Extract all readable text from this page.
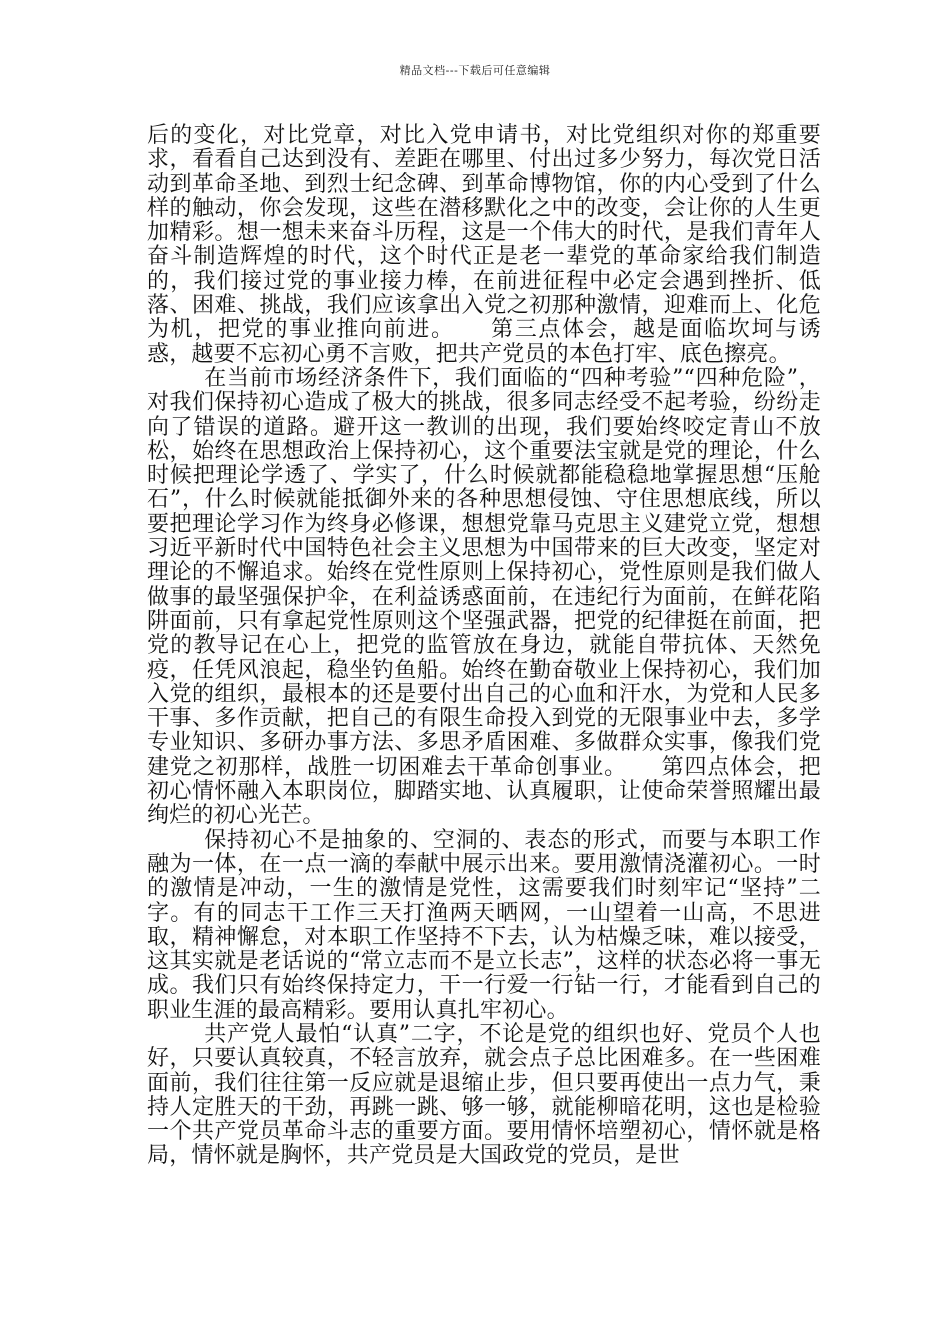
精品文档---下载后可任意编辑

后的变化，对比党章，对比入党申请书，对比党组织对你的郑重要求，看看自己达到没有、差距在哪里、付出过多少努力，每次党日活动到革命圣地、到烈士纪念碑、到革命博物馆，你的内心受到了什么样的触动，你会发现，这些在潜移默化之中的改变，会让你的人生更加精彩。想一想未来奋斗历程，这是一个伟大的时代，是我们青年人奋斗制造辉煌的时代，这个时代正是老一辈党的革命家给我们制造的，我们接过党的事业接力棒，在前进征程中必定会遇到挫折、低落、困难、挑战，我们应该拿出入党之初那种激情，迎难而上、化危为机，把党的事业推向前进。　　第三点体会，越是面临坎坷与诱惑，越要不忘初心勇不言败，把共产党员的本色打牢、底色擦亮。

在当前市场经济条件下，我们面临的“四种考验”“四种危险”，对我们保持初心造成了极大的挑战，很多同志经受不起考验，纷纷走向了错误的道路。避开这一教训的出现，我们要始终咬定青山不放松，始终在思想政治上保持初心，这个重要法宝就是党的理论，什么时候把理论学透了、学实了，什么时候就都能稳稳地掌握思想“压舱石”，什么时候就能抵御外来的各种思想侵蚀、守住思想底线，所以要把理论学习作为终身必修课，想想党靠马克思主义建党立党，想想习近平新时代中国特色社会主义思想为中国带来的巨大改变，坚定对理论的不懈追求。始终在党性原则上保持初心，党性原则是我们做人做事的最坚强保护伞，在利益诱惑面前，在违纪行为面前，在鲜花陷阱面前，只有拿起党性原则这个坚强武器，把党的纪律挺在前面，把党的教导记在心上，把党的监管放在身边，就能自带抗体、天然免疫，任凭风浪起，稳坐钓鱼船。始终在勤奋敬业上保持初心，我们加入党的组织，最根本的还是要付出自己的心血和汗水，为党和人民多干事、多作贡献，把自己的有限生命投入到党的无限事业中去，多学专业知识、多研办事方法、多思矛盾困难、多做群众实事，像我们党建党之初那样，战胜一切困难去干革命创事业。　　第四点体会，把初心情怀融入本职岗位，脚踏实地、认真履职，让使命荣誉照耀出最绚烂的初心光芒。

保持初心不是抽象的、空洞的、表态的形式，而要与本职工作融为一体，在一点一滴的奉献中展示出来。要用激情浇灌初心。一时的激情是冲动，一生的激情是党性，这需要我们时刻牢记“坚持”二字。有的同志干工作三天打渔两天晒网，一山望着一山高，不思进取，精神懈怠，对本职工作坚持不下去，认为枯燥乏味，难以接受，这其实就是老话说的“常立志而不是立长志”，这样的状态必将一事无成。我们只有始终保持定力，干一行爱一行钻一行，才能看到自己的职业生涯的最高精彩。要用认真扎牢初心。

共产党人最怕“认真”二字，不论是党的组织也好、党员个人也好，只要认真较真，不轻言放弃，就会点子总比困难多。在一些困难面前，我们往往第一反应就是退缩止步，但只要再使出一点力气，秉持人定胜天的干劲，再跳一跳、够一够，就能柳暗花明，这也是检验一个共产党员革命斗志的重要方面。要用情怀培塑初心，情怀就是格局，情怀就是胸怀，共产党员是大国政党的党员，是世
